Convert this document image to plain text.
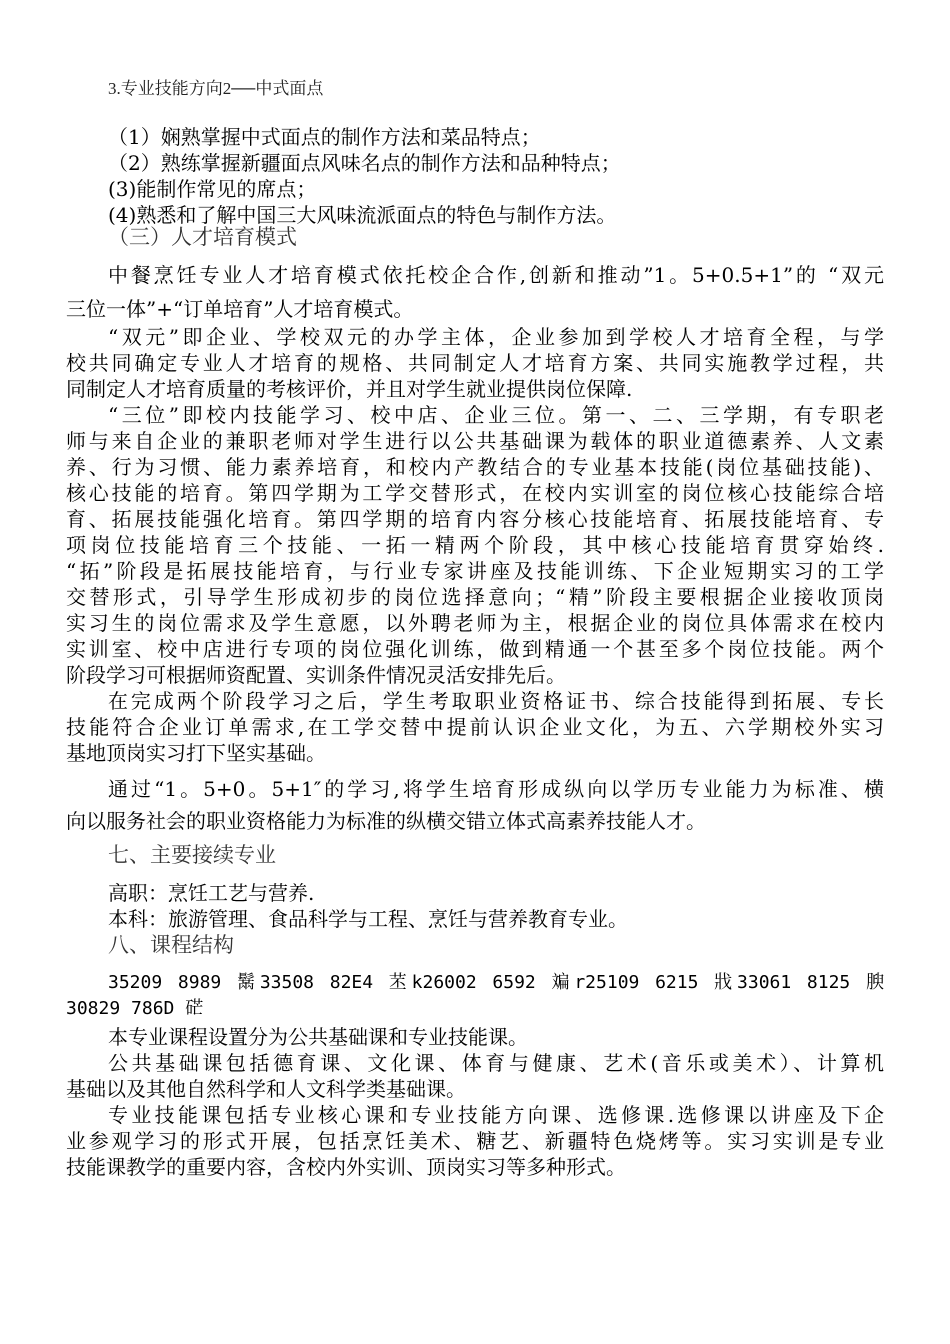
3.专业技能方向2──中式面点
（1）娴熟掌握中式面点的制作方法和菜品特点；
（2）熟练掌握新疆面点风味名点的制作方法和品种特点；
(3)能制作常见的席点；
(4)熟悉和了解中国三大风味流派面点的特色与制作方法。
（三）人才培育模式
中餐烹饪专业人才培育模式依托校企合作,创新和推动”1。5+0.5+1”的 “双元
三位一体”+“订单培育”人才培育模式。
“双元”即企业、学校双元的办学主体，企业参加到学校人才培育全程，与学
校共同确定专业人才培育的规格、共同制定人才培育方案、共同实施教学过程，共
同制定人才培育质量的考核评价，并且对学生就业提供岗位保障.
“三位”即校内技能学习、校中店、企业三位。第一、二、三学期，有专职老
师与来自企业的兼职老师对学生进行以公共基础课为载体的职业道德素养、人文素
养、行为习惯、能力素养培育，和校内产教结合的专业基本技能(岗位基础技能)、
核心技能的培育。第四学期为工学交替形式，在校内实训室的岗位核心技能综合培
育、拓展技能强化培育。第四学期的培育内容分核心技能培育、拓展技能培育、专
项岗位技能培育三个技能、一拓一精两个阶段，其中核心技能培育贯穿始终.
“拓”阶段是拓展技能培育，与行业专家讲座及技能训练、下企业短期实习的工学
交替形式，引导学生形成初步的岗位选择意向；“精”阶段主要根据企业接收顶岗
实习生的岗位需求及学生意愿，以外聘老师为主，根据企业的岗位具体需求在校内
实训室、校中店进行专项的岗位强化训练，做到精通一个甚至多个岗位技能。两个
阶段学习可根据师资配置、实训条件情况灵活安排先后。
在完成两个阶段学习之后，学生考取职业资格证书、综合技能得到拓展、专长
技能符合企业订单需求,在工学交替中提前认识企业文化，为五、六学期校外实习
基地顶岗实习打下坚实基础。
通过“1。5+0。5+1″的学习,将学生培育形成纵向以学历专业能力为标准、横
向以服务社会的职业资格能力为标准的纵横交错立体式高素养技能人才。
七、主要接续专业
高职：烹饪工艺与营养.
本科：旅游管理、食品科学与工程、烹饪与营养教育专业。
八、课程结构
35209 8989 鬗33508 82E4 苤k26002 6592 斒r25109 6215 戕33061 8125 腴
30829 786D 硭
本专业课程设置分为公共基础课和专业技能课。
公共基础课包括德育课、文化课、体育与健康、艺术(音乐或美术）、计算机
基础以及其他自然科学和人文科学类基础课。
专业技能课包括专业核心课和专业技能方向课、选修课.选修课以讲座及下企
业参观学习的形式开展，包括烹饪美术、糖艺、新疆特色烧烤等。实习实训是专业
技能课教学的重要内容，含校内外实训、顶岗实习等多种形式。
